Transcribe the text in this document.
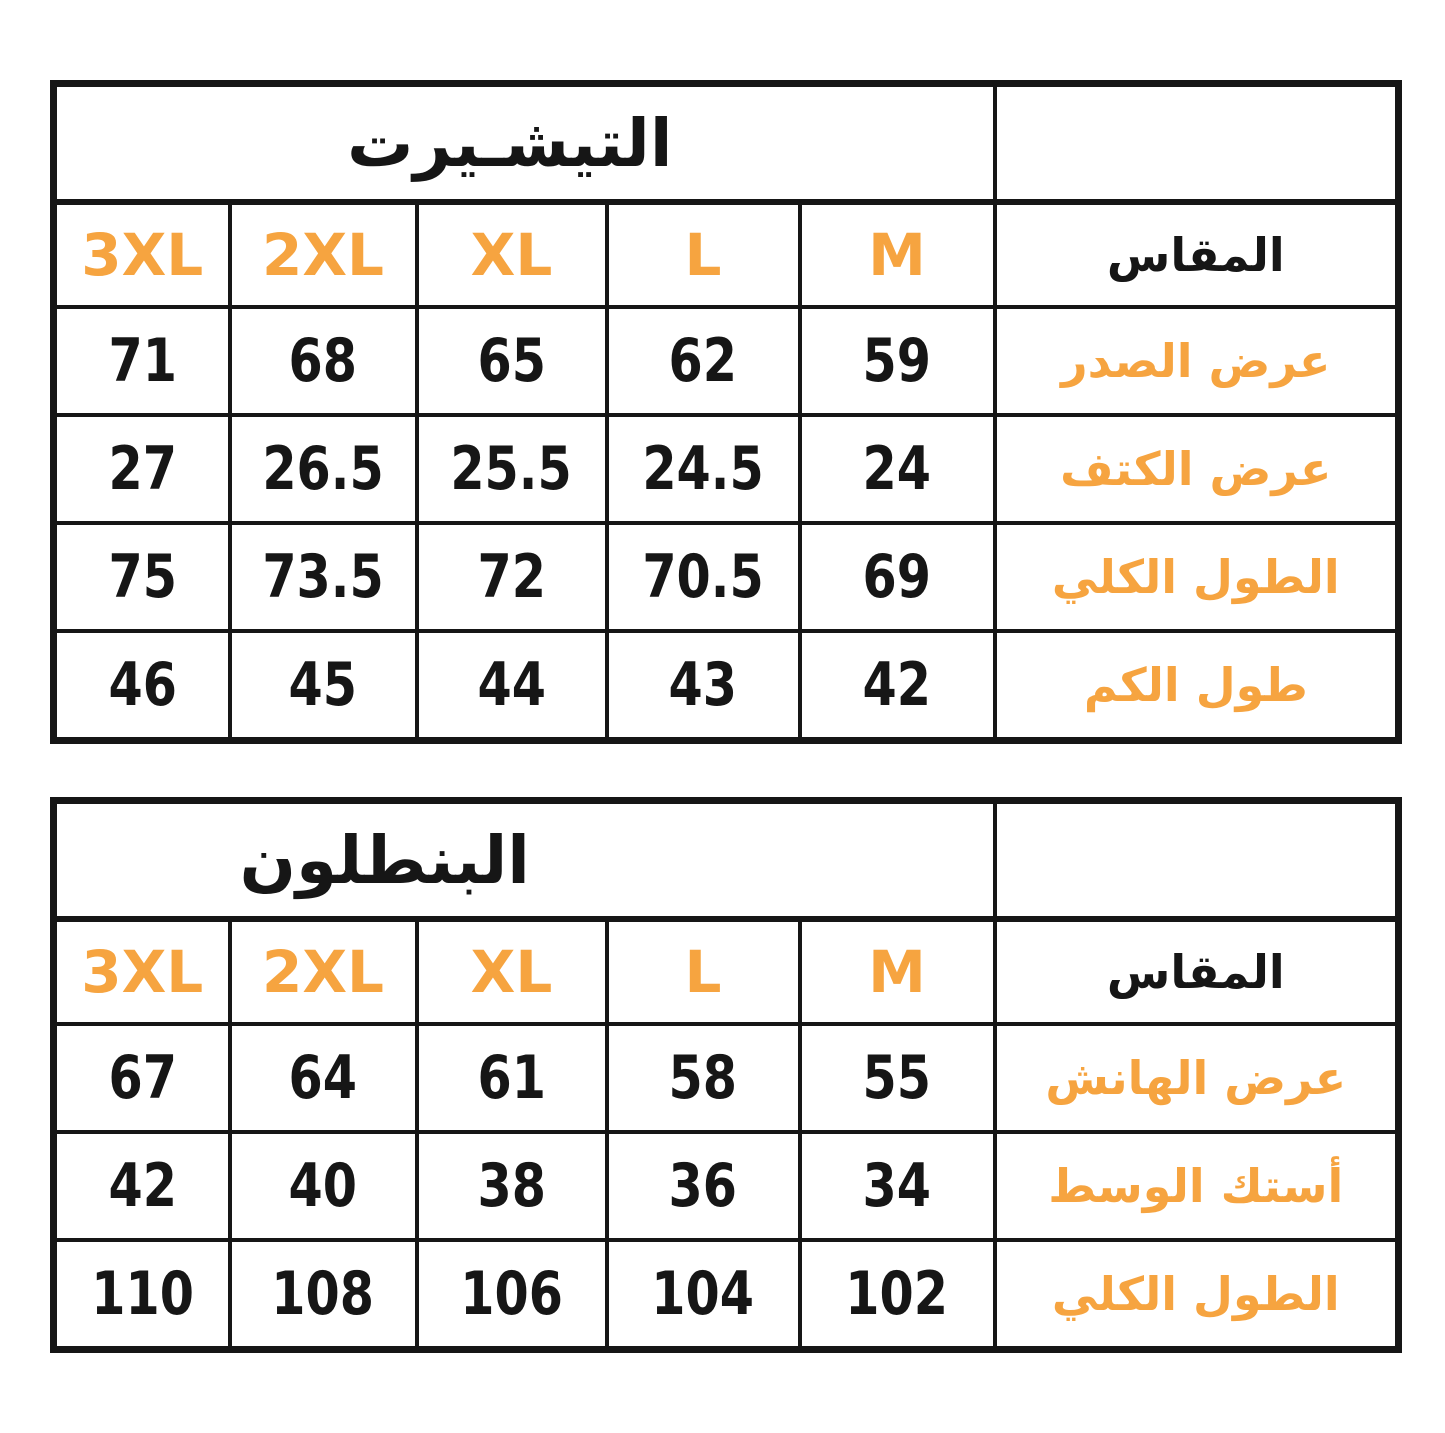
التيشـيرت					
3XL	2XL	XL	L	M	المقاس
71	68	65	62	59	عرض الصدر
27	26.5	25.5	24.5	24	عرض الكتف
75	73.5	72	70.5	69	الطول الكلي
46	45	44	43	42	طول الكم
البنطلون					
3XL	2XL	XL	L	M	المقاس
67	64	61	58	55	عرض الهانش
42	40	38	36	34	أستك الوسط
110	108	106	104	102	الطول الكلي
